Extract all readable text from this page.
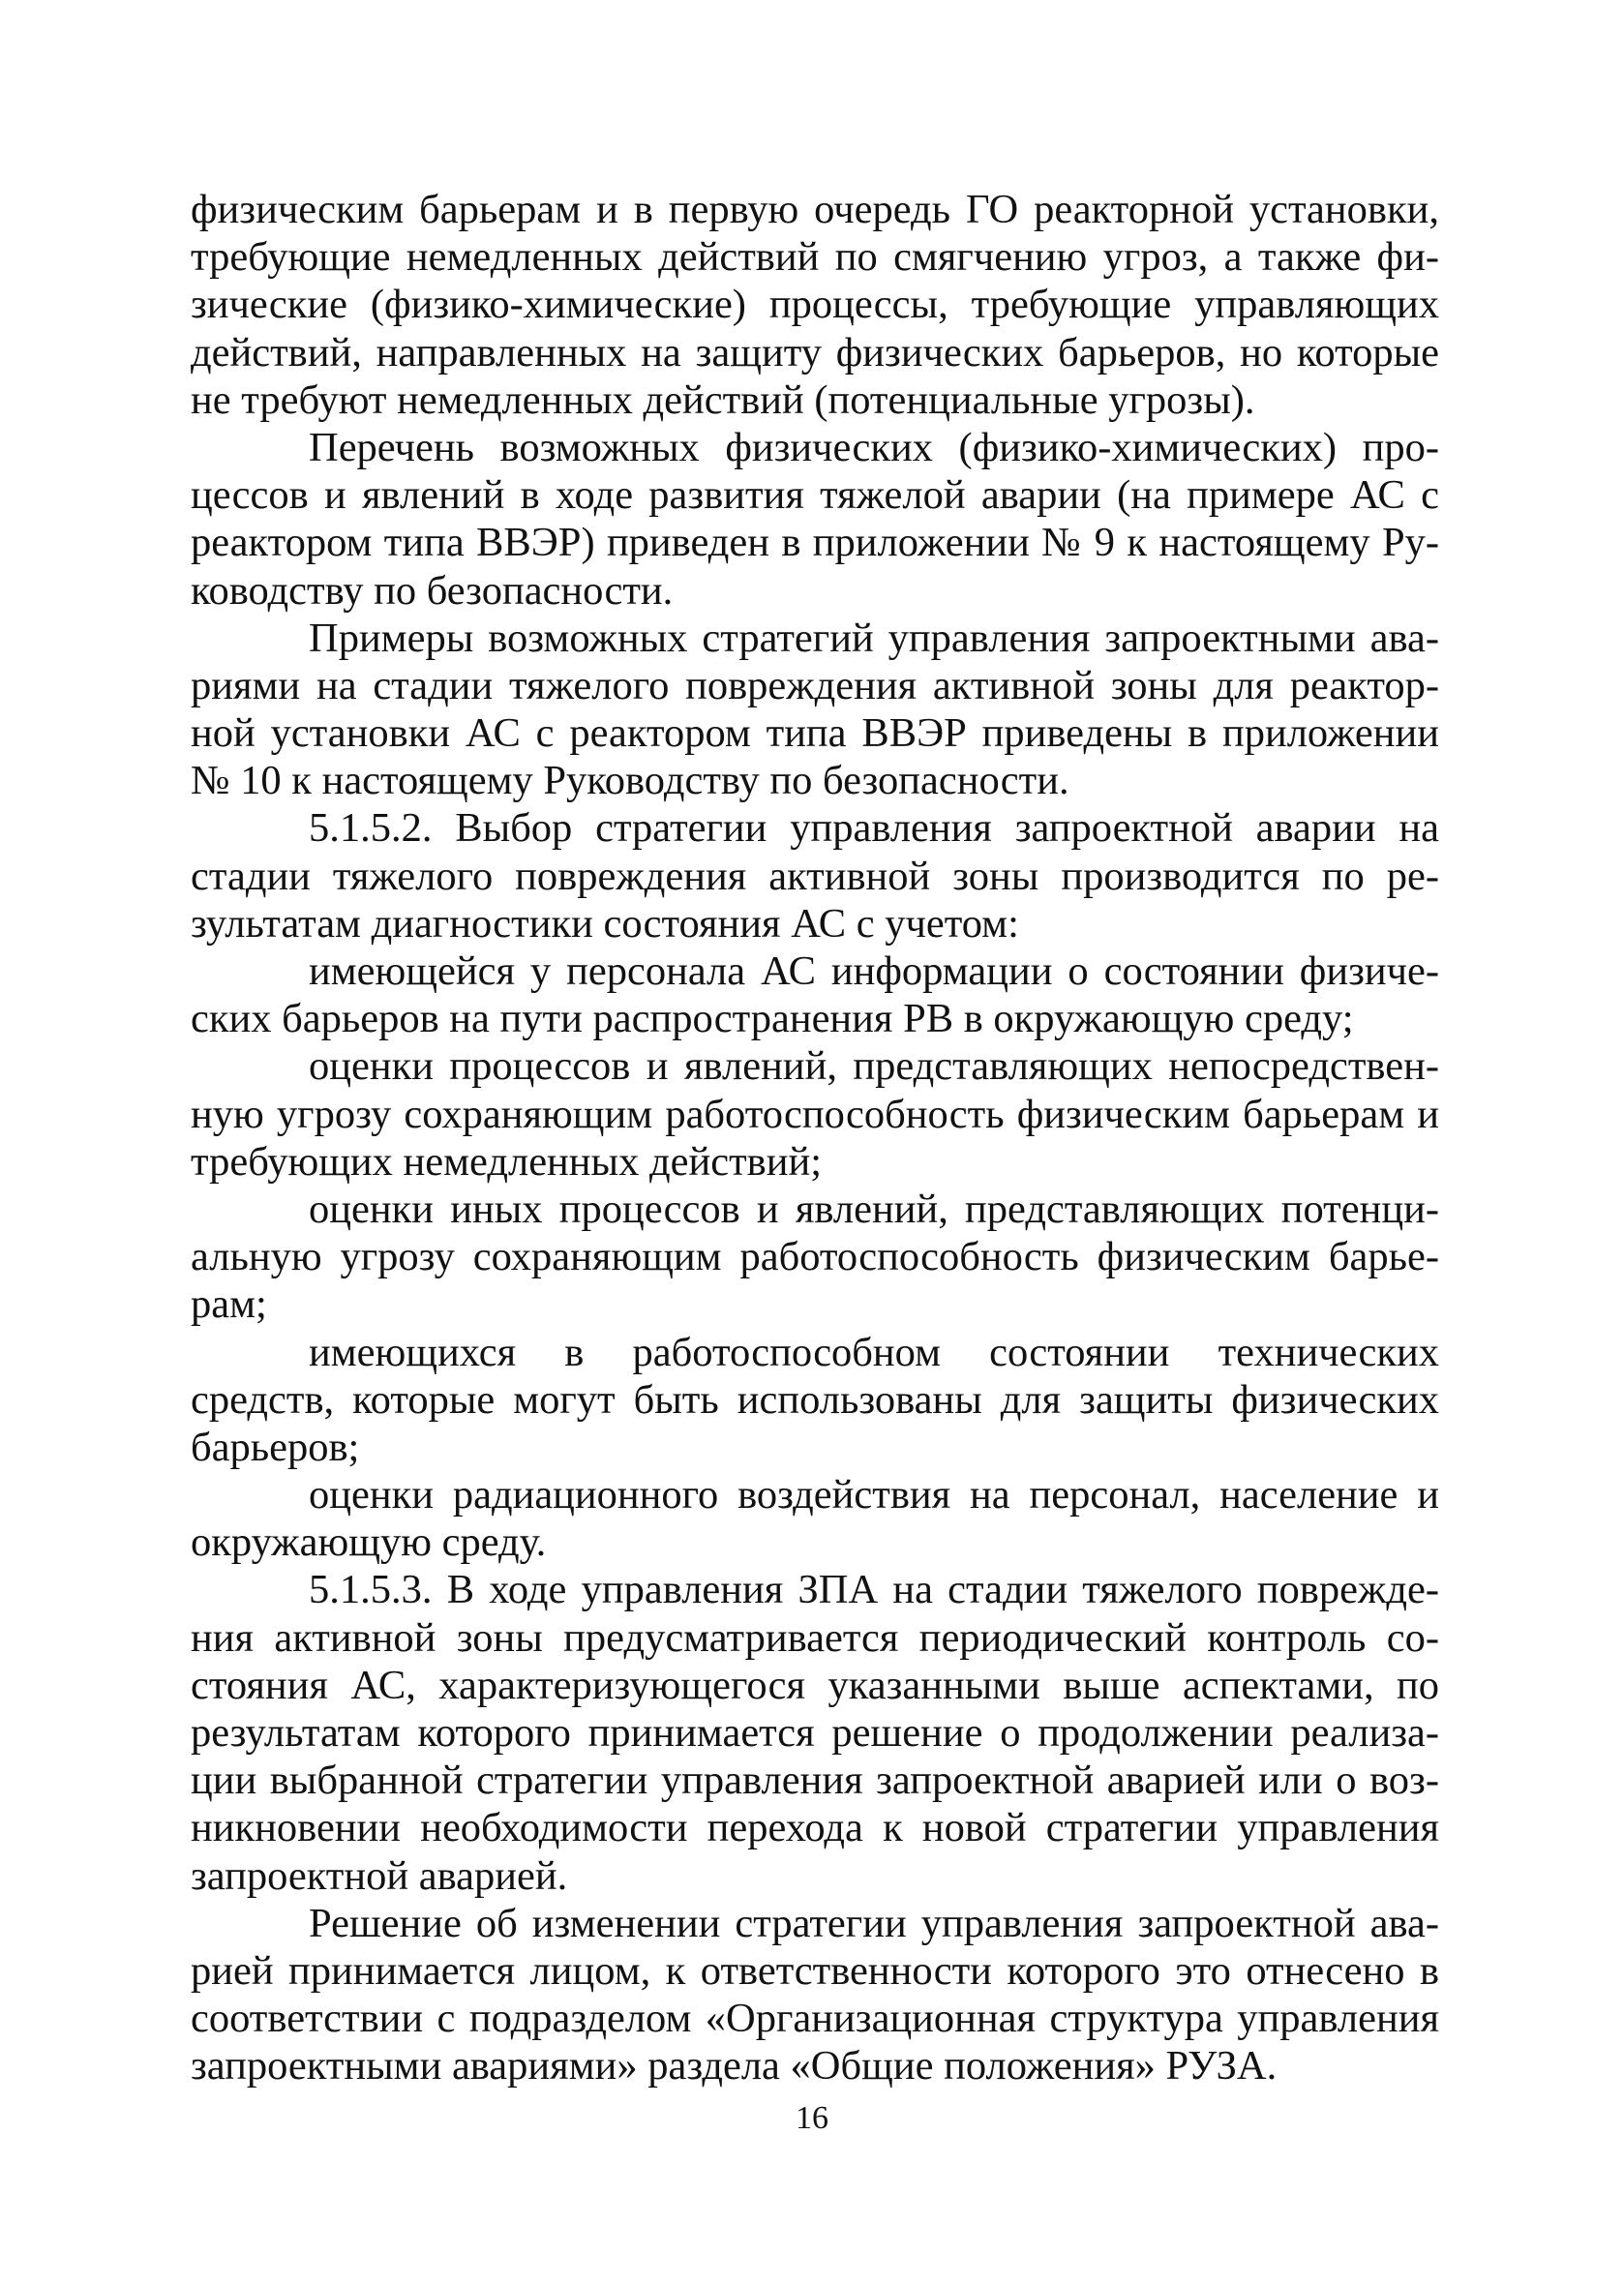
физическим барьерам и в первую очередь ГО реакторной установки,
требующие немедленных действий по смягчению угроз, а также фи-
зические (физико-химические) процессы, требующие управляющих
действий, направленных на защиту физических барьеров, но которые
не требуют немедленных действий (потенциальные угрозы).
Перечень возможных физических (физико-химических) про-
цессов и явлений в ходе развития тяжелой аварии (на примере АС с
реактором типа ВВЭР) приведен в приложении № 9 к настоящему Ру-
ководству по безопасности.
Примеры возможных стратегий управления запроектными ава-
риями на стадии тяжелого повреждения активной зоны для реактор-
ной установки АС с реактором типа ВВЭР приведены в приложении
№ 10 к настоящему Руководству по безопасности.
5.1.5.2. Выбор стратегии управления запроектной аварии на
стадии тяжелого повреждения активной зоны производится по ре-
зультатам диагностики состояния АС с учетом:
имеющейся у персонала АС информации о состоянии физиче-
ских барьеров на пути распространения РВ в окружающую среду;
оценки процессов и явлений, представляющих непосредствен-
ную угрозу сохраняющим работоспособность физическим барьерам и
требующих немедленных действий;
оценки иных процессов и явлений, представляющих потенци-
альную угрозу сохраняющим работоспособность физическим барье-
рам;
имеющихся в работоспособном состоянии технических
средств, которые могут быть использованы для защиты физических
барьеров;
оценки радиационного воздействия на персонал, население и
окружающую среду.
5.1.5.3. В ходе управления ЗПА на стадии тяжелого поврежде-
ния активной зоны предусматривается периодический контроль со-
стояния АС, характеризующегося указанными выше аспектами, по
результатам которого принимается решение о продолжении реализа-
ции выбранной стратегии управления запроектной аварией или о воз-
никновении необходимости перехода к новой стратегии управления
запроектной аварией.
Решение об изменении стратегии управления запроектной ава-
рией принимается лицом, к ответственности которого это отнесено в
соответствии с подразделом «Организационная структура управления
запроектными авариями» раздела «Общие положения» РУЗА.
16
